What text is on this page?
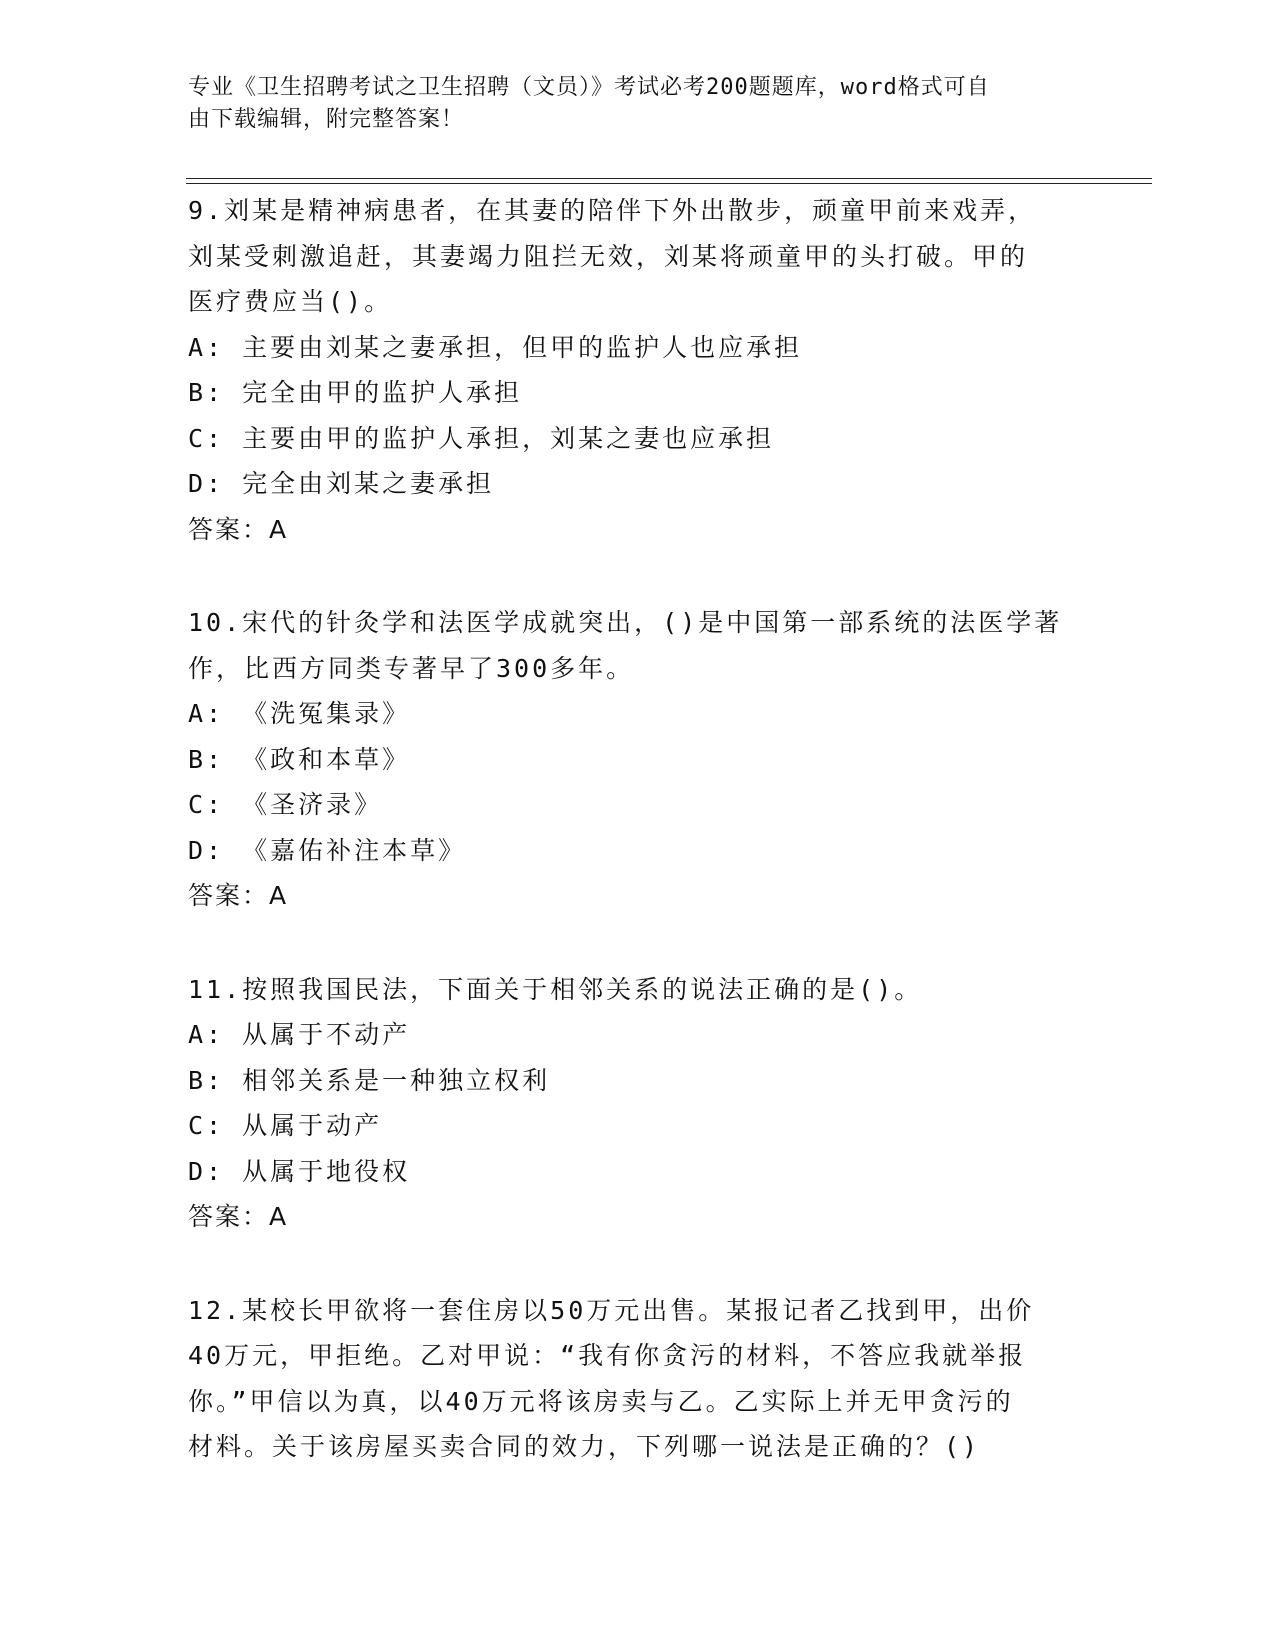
专业《卫生招聘考试之卫生招聘（文员）》考试必考200题题库，word格式可自
由下载编辑，附完整答案！
9.刘某是精神病患者，在其妻的陪伴下外出散步，顽童甲前来戏弄，
刘某受刺激追赶，其妻竭力阻拦无效，刘某将顽童甲的头打破。甲的
医疗费应当()。
A: 主要由刘某之妻承担，但甲的监护人也应承担
B: 完全由甲的监护人承担
C: 主要由甲的监护人承担，刘某之妻也应承担
D: 完全由刘某之妻承担
答案：A
10.宋代的针灸学和法医学成就突出，()是中国第一部系统的法医学著
作，比西方同类专著早了300多年。
A: 《洗冤集录》
B: 《政和本草》
C: 《圣济录》
D: 《嘉佑补注本草》
答案：A
11.按照我国民法，下面关于相邻关系的说法正确的是()。
A: 从属于不动产
B: 相邻关系是一种独立权利
C: 从属于动产
D: 从属于地役权
答案：A
12.某校长甲欲将一套住房以50万元出售。某报记者乙找到甲，出价
40万元，甲拒绝。乙对甲说：“我有你贪污的材料，不答应我就举报
你。”甲信以为真，以40万元将该房卖与乙。乙实际上并无甲贪污的
材料。关于该房屋买卖合同的效力，下列哪一说法是正确的？()
